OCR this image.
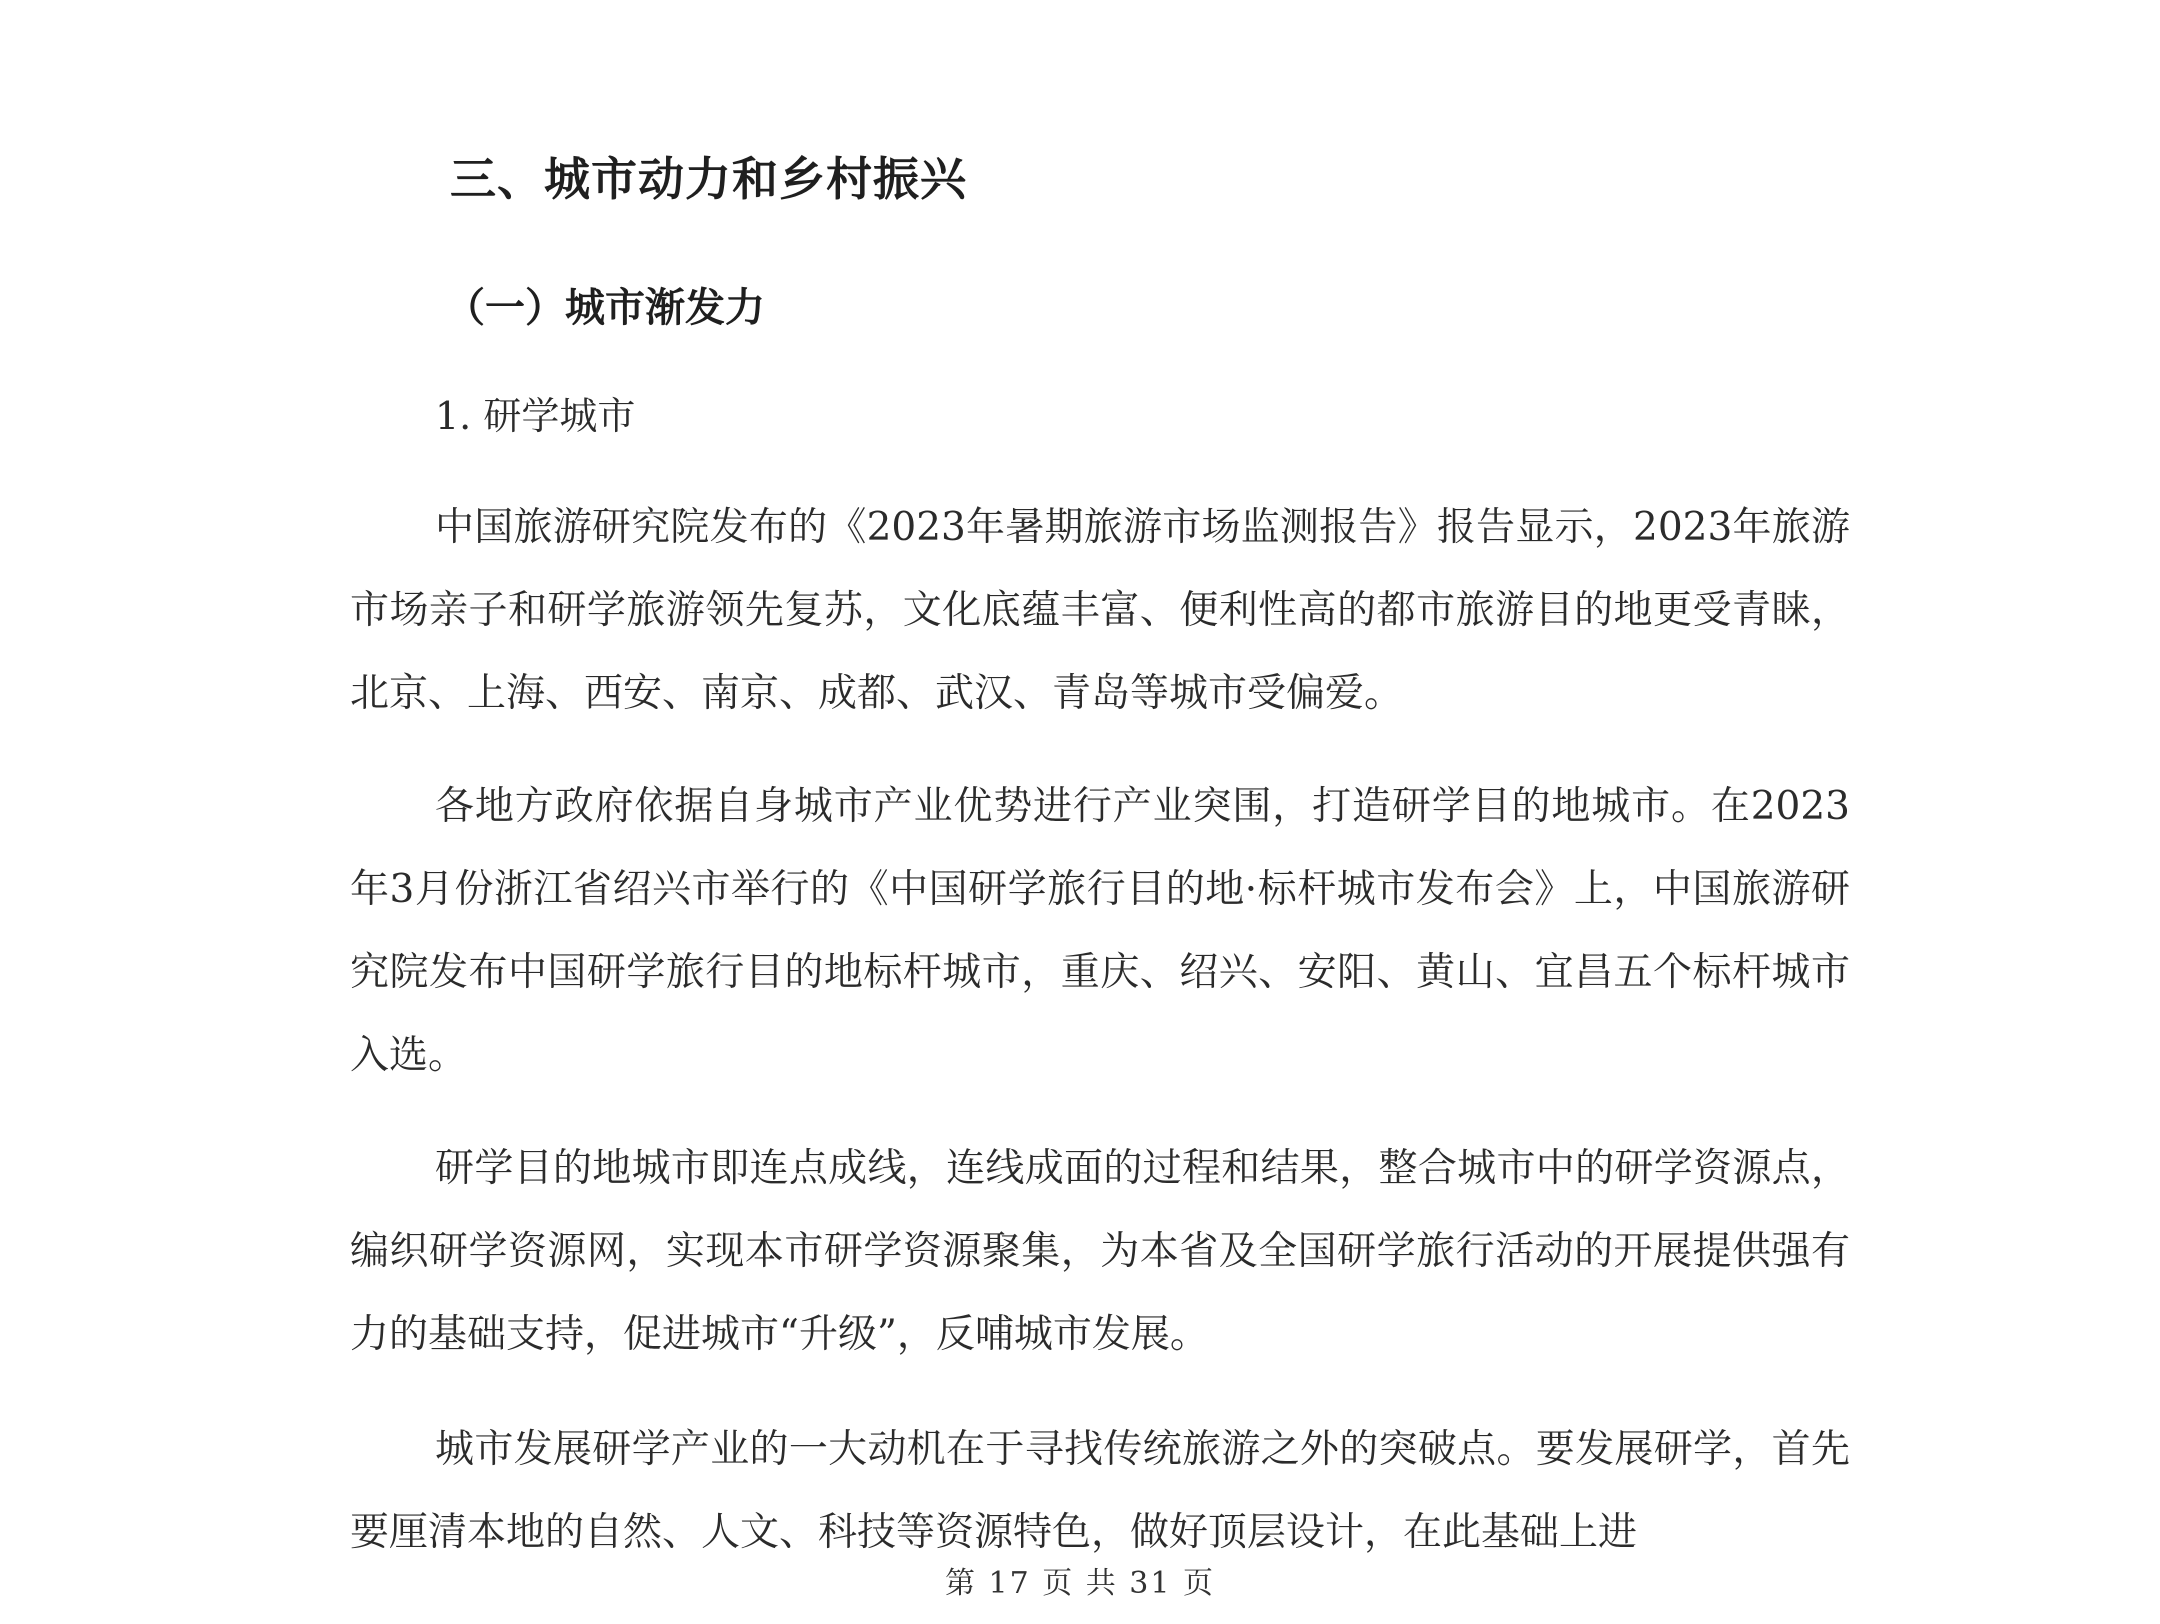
三、城市动力和乡村振兴
（一）城市渐发力
1. 研学城市

中国旅游研究院发布的《2023年暑期旅游市场监测报告》报告显示，2023年旅游市场亲子和研学旅游领先复苏，文化底蕴丰富、便利性高的都市旅游目的地更受青睐，北京、上海、西安、南京、成都、武汉、青岛等城市受偏爱。

各地方政府依据自身城市产业优势进行产业突围，打造研学目的地城市。在2023年3月份浙江省绍兴市举行的《中国研学旅行目的地·标杆城市发布会》上，中国旅游研究院发布中国研学旅行目的地标杆城市，重庆、绍兴、安阳、黄山、宜昌五个标杆城市入选。

研学目的地城市即连点成线，连线成面的过程和结果，整合城市中的研学资源点，编织研学资源网，实现本市研学资源聚集，为本省及全国研学旅行活动的开展提供强有力的基础支持，促进城市“升级”，反哺城市发展。

城市发展研学产业的一大动机在于寻找传统旅游之外的突破点。要发展研学，首先要厘清本地的自然、人文、科技等资源特色，做好顶层设计，在此基础上进

第 17 页 共 31 页
